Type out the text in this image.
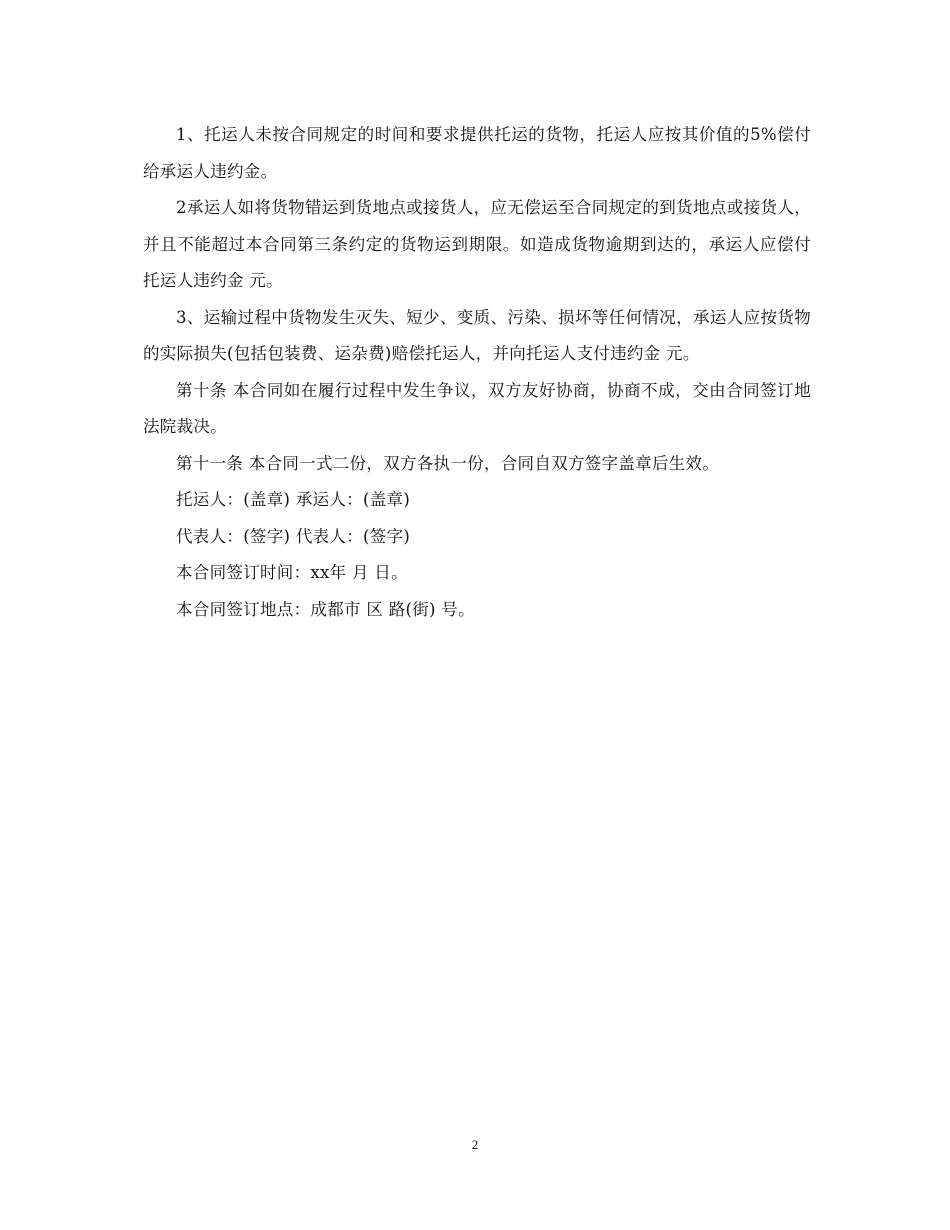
1、托运人未按合同规定的时间和要求提供托运的货物，托运人应按其价值的5%偿付给承运人违约金。

2承运人如将货物错运到货地点或接货人，应无偿运至合同规定的到货地点或接货人，并且不能超过本合同第三条约定的货物运到期限。如造成货物逾期到达的，承运人应偿付托运人违约金 元。

3、运输过程中货物发生灭失、短少、变质、污染、损坏等任何情况，承运人应按货物的实际损失(包括包装费、运杂费)赔偿托运人，并向托运人支付违约金 元。

第十条 本合同如在履行过程中发生争议，双方友好协商，协商不成，交由合同签订地法院裁决。

第十一条 本合同一式二份，双方各执一份，合同自双方签字盖章后生效。

托运人：(盖章) 承运人：(盖章)

代表人：(签字) 代表人：(签字)

本合同签订时间：xx年 月 日。

本合同签订地点：成都市 区 路(街) 号。

2
